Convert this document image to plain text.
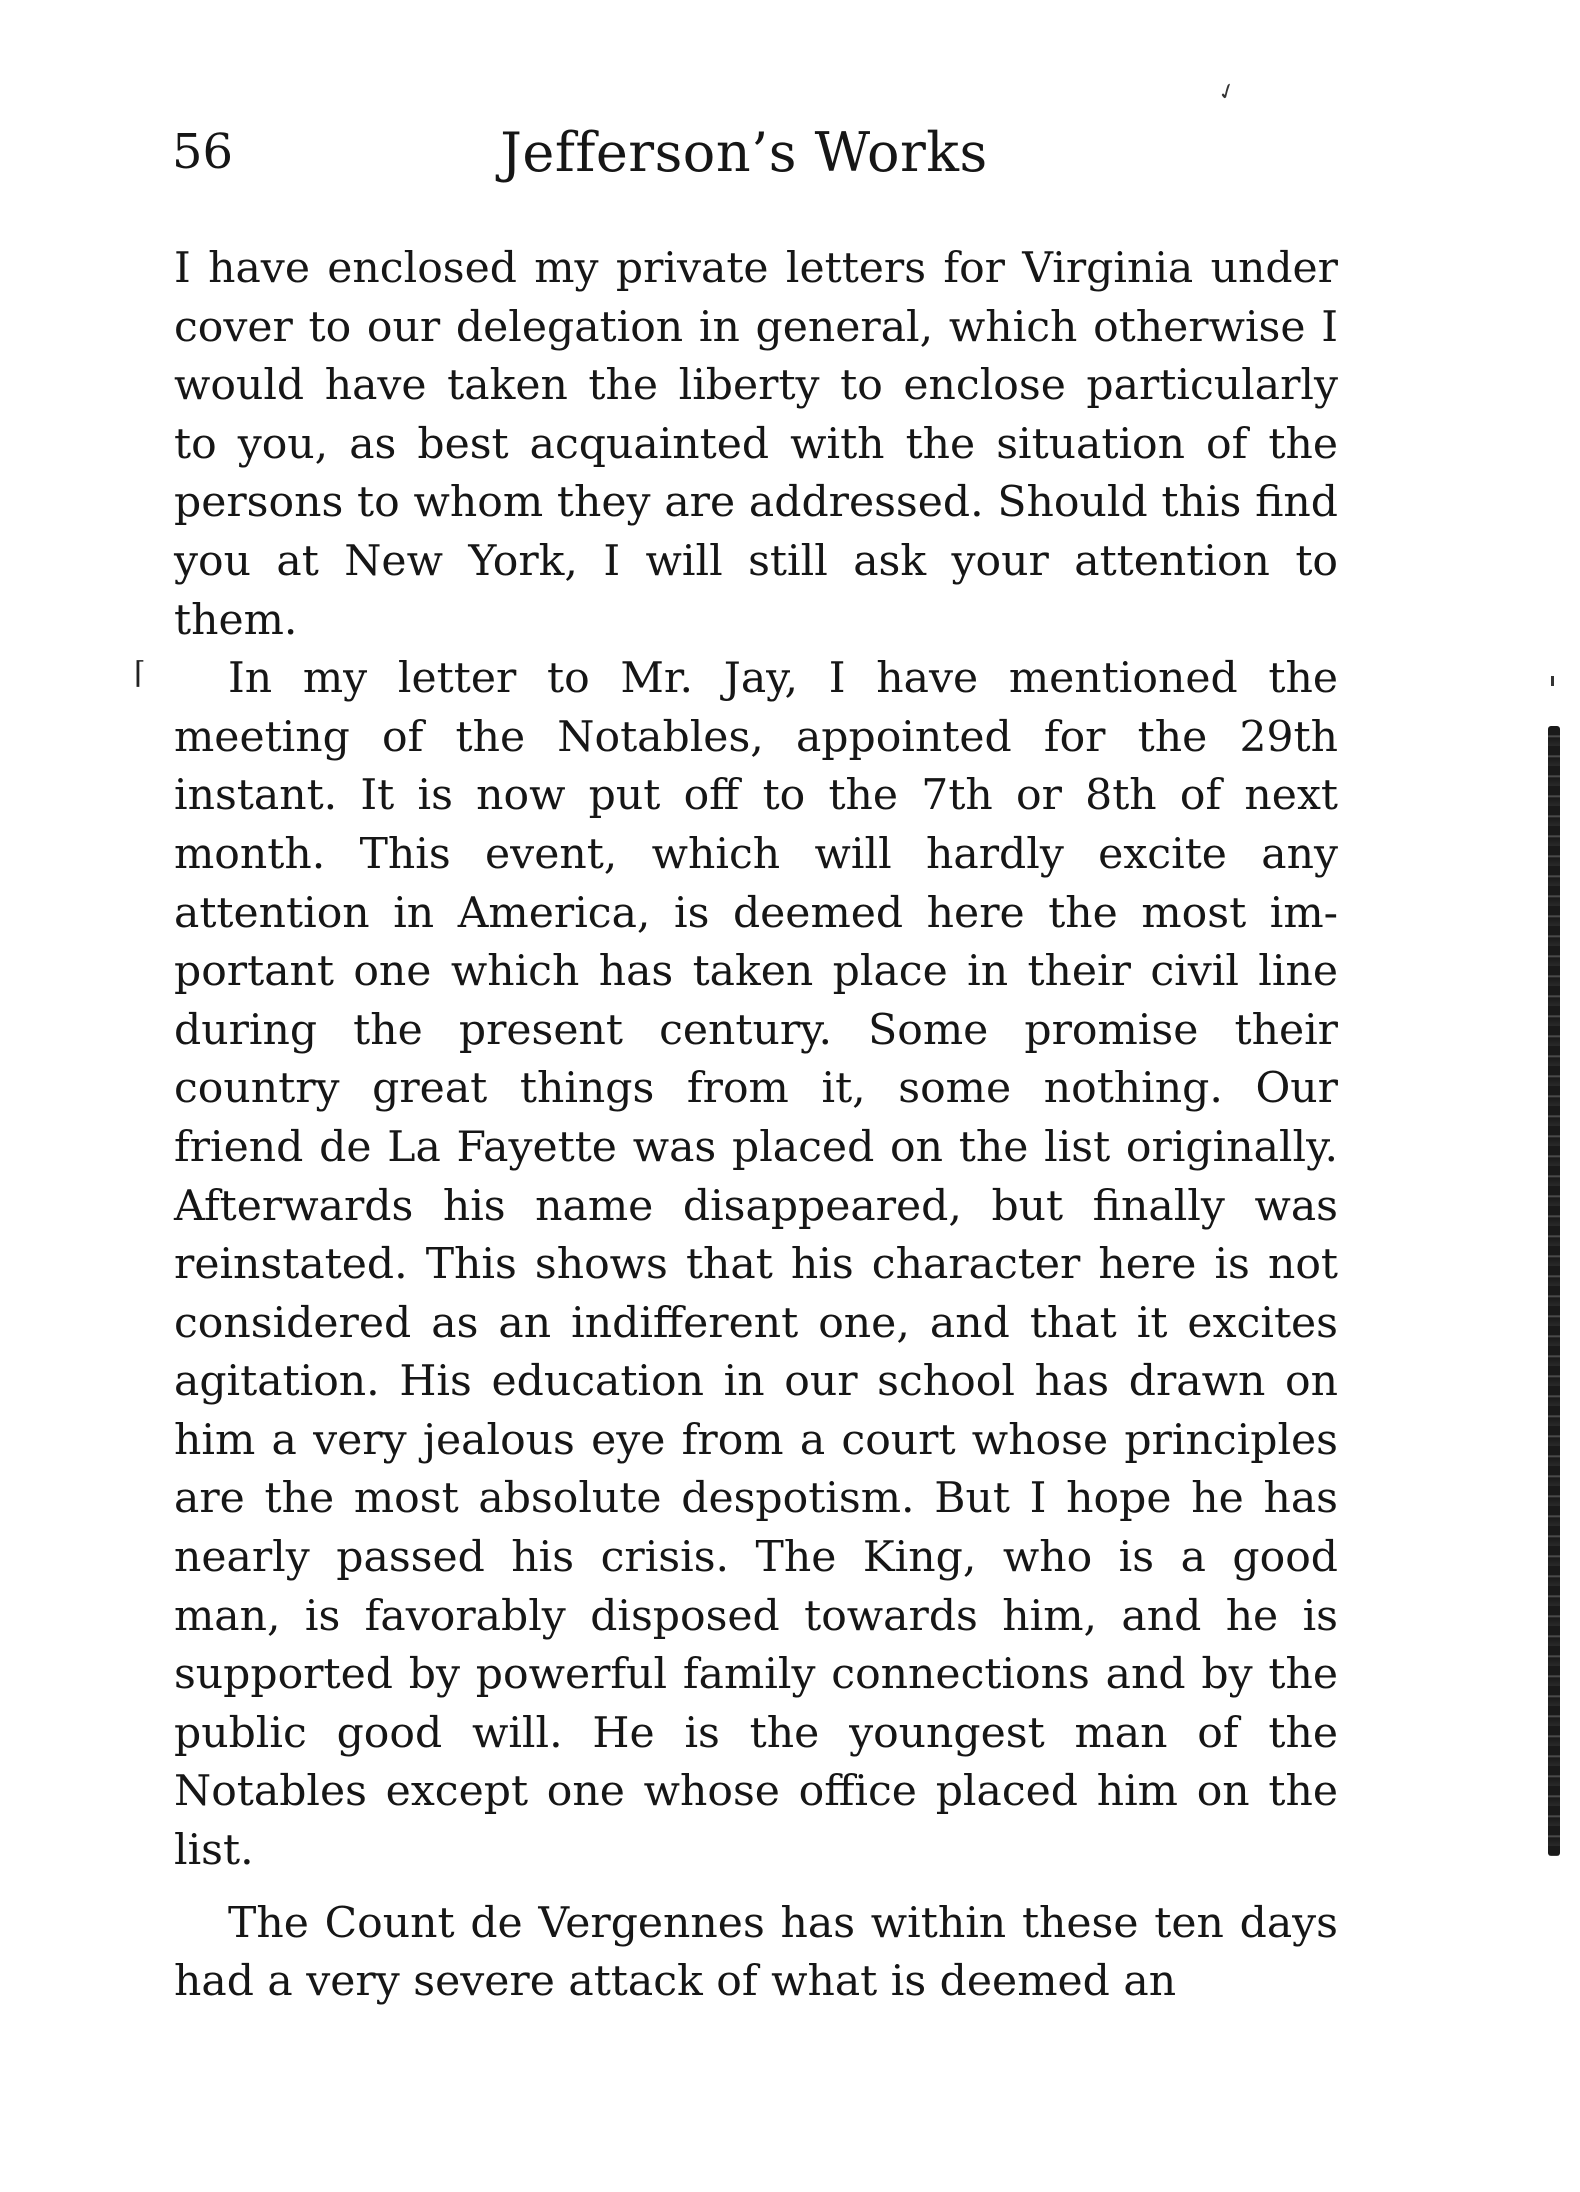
✓
56	Jefferson’s Works
⌈

I have enclosed my private letters for Virginia under cover to our delegation in general, which otherwise I would have taken the liberty to enclose particularly to you, as best acquainted with the situation of the persons to whom they are addressed. Should this find you at New York, I will still ask your attention to them.

In my letter to Mr. Jay, I have mentioned the meeting of the Notables, appointed for the 29th instant. It is now put off to the 7th or 8th of next month. This event, which will hardly excite any attention in America, is deemed here the most important one which has taken place in their civil line during the present century. Some promise their country great things from it, some nothing. Our friend de La Fayette was placed on the list originally. Afterwards his name disappeared, but finally was reinstated. This shows that his character here is not considered as an indifferent one, and that it excites agitation. His education in our school has drawn on him a very jealous eye from a court whose principles are the most absolute despotism. But I hope he has nearly passed his crisis. The King, who is a good man, is favorably disposed towards him, and he is supported by powerful family connections and by the public good will. He is the youngest man of the Notables except one whose office placed him on the list.

The Count de Vergennes has within these ten days had a very severe attack of what is deemed an
